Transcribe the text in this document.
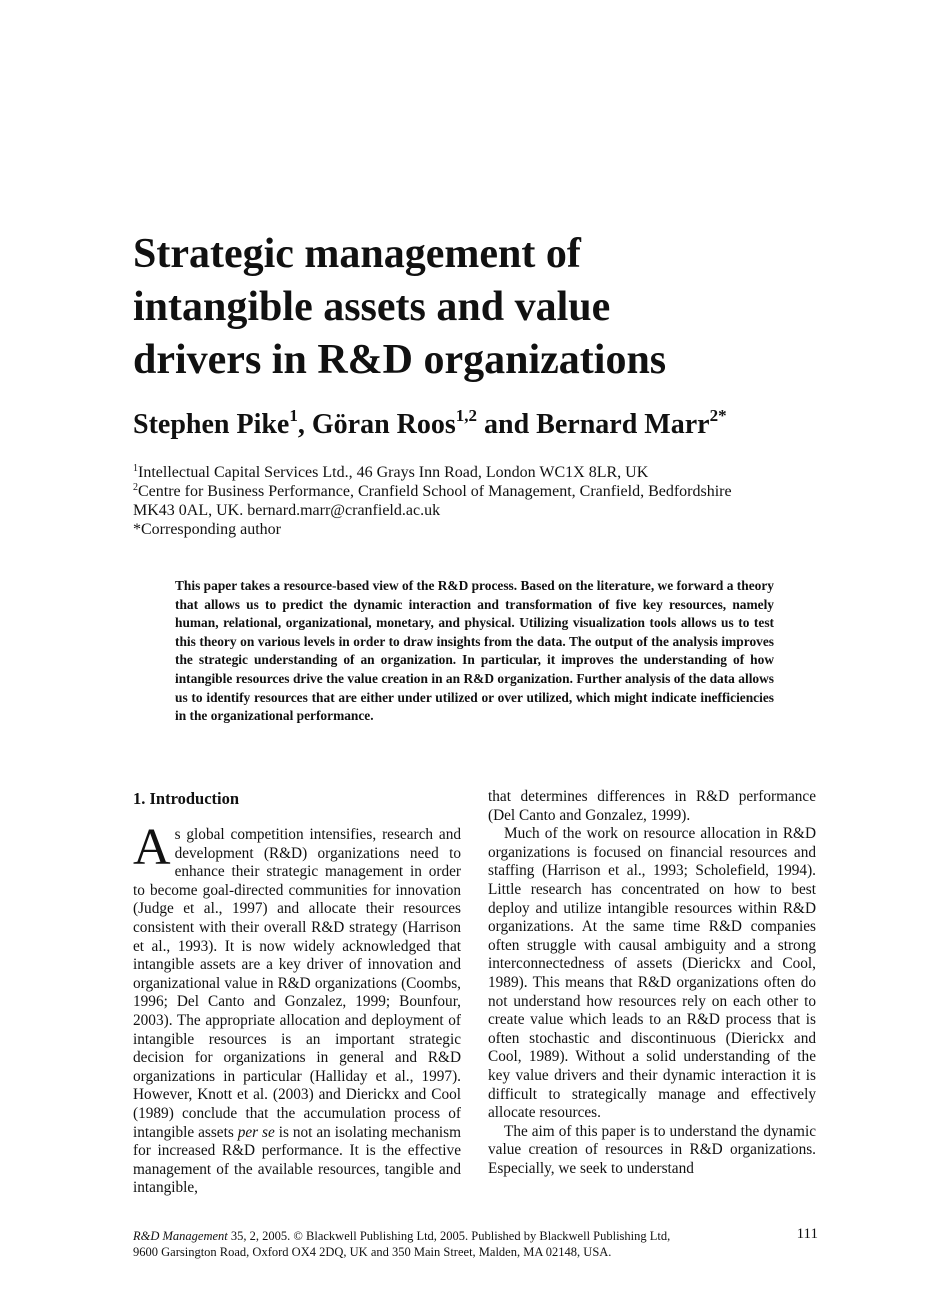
Strategic management of
intangible assets and value
drivers in R&D organizations
Stephen Pike$^1$, Göran Roos$^{1,2}$ and Bernard Marr$^{2*}$
$^1$Intellectual Capital Services Ltd., 46 Grays Inn Road, London WC1X 8LR, UK
$^2$Centre for Business Performance, Cranfield School of Management, Cranfield, Bedfordshire
MK43 0AL, UK. bernard.marr@cranfield.ac.uk
*Corresponding author

This paper takes a resource-based view of the R&D process. Based on the literature, we forward a theory that allows us to predict the dynamic interaction and transformation of five key resources, namely human, relational, organizational, monetary, and physical. Utilizing visualization tools allows us to test this theory on various levels in order to draw insights from the data. The output of the analysis improves the strategic understanding of an organization. In particular, it improves the understanding of how intangible resources drive the value creation in an R&D organization. Further analysis of the data allows us to identify resources that are either under utilized or over utilized, which might indicate inefficiencies in the organizational performance.

1. Introduction

As global competition intensifies, research and development (R&D) organizations need to enhance their strategic management in order to become goal-directed communities for innovation (Judge et al., 1997) and allocate their resources consistent with their overall R&D strategy (Harrison et al., 1993). It is now widely acknowledged that intangible assets are a key driver of innovation and organizational value in R&D organizations (Coombs, 1996; Del Canto and Gonzalez, 1999; Bounfour, 2003). The appropriate allocation and deployment of intangible resources is an important strategic decision for organizations in general and R&D organizations in particular (Halliday et al., 1997). However, Knott et al. (2003) and Dierickx and Cool (1989) conclude that the accumulation process of intangible assets per se is not an isolating mechanism for increased R&D performance. It is the effective management of the available resources, tangible and intangible,

that determines differences in R&D performance (Del Canto and Gonzalez, 1999).

Much of the work on resource allocation in R&D organizations is focused on financial resources and staffing (Harrison et al., 1993; Scholefield, 1994). Little research has concentrated on how to best deploy and utilize intangible resources within R&D organizations. At the same time R&D companies often struggle with causal ambiguity and a strong interconnectedness of assets (Dierickx and Cool, 1989). This means that R&D organizations often do not understand how resources rely on each other to create value which leads to an R&D process that is often stochastic and discontinuous (Dierickx and Cool, 1989). Without a solid understanding of the key value drivers and their dynamic interaction it is difficult to strategically manage and effectively allocate resources.

The aim of this paper is to understand the dynamic value creation of resources in R&D organizations. Especially, we seek to understand

R&D Management 35, 2, 2005. © Blackwell Publishing Ltd, 2005. Published by Blackwell Publishing Ltd,	111
9600 Garsington Road, Oxford OX4 2DQ, UK and 350 Main Street, Malden, MA 02148, USA.
